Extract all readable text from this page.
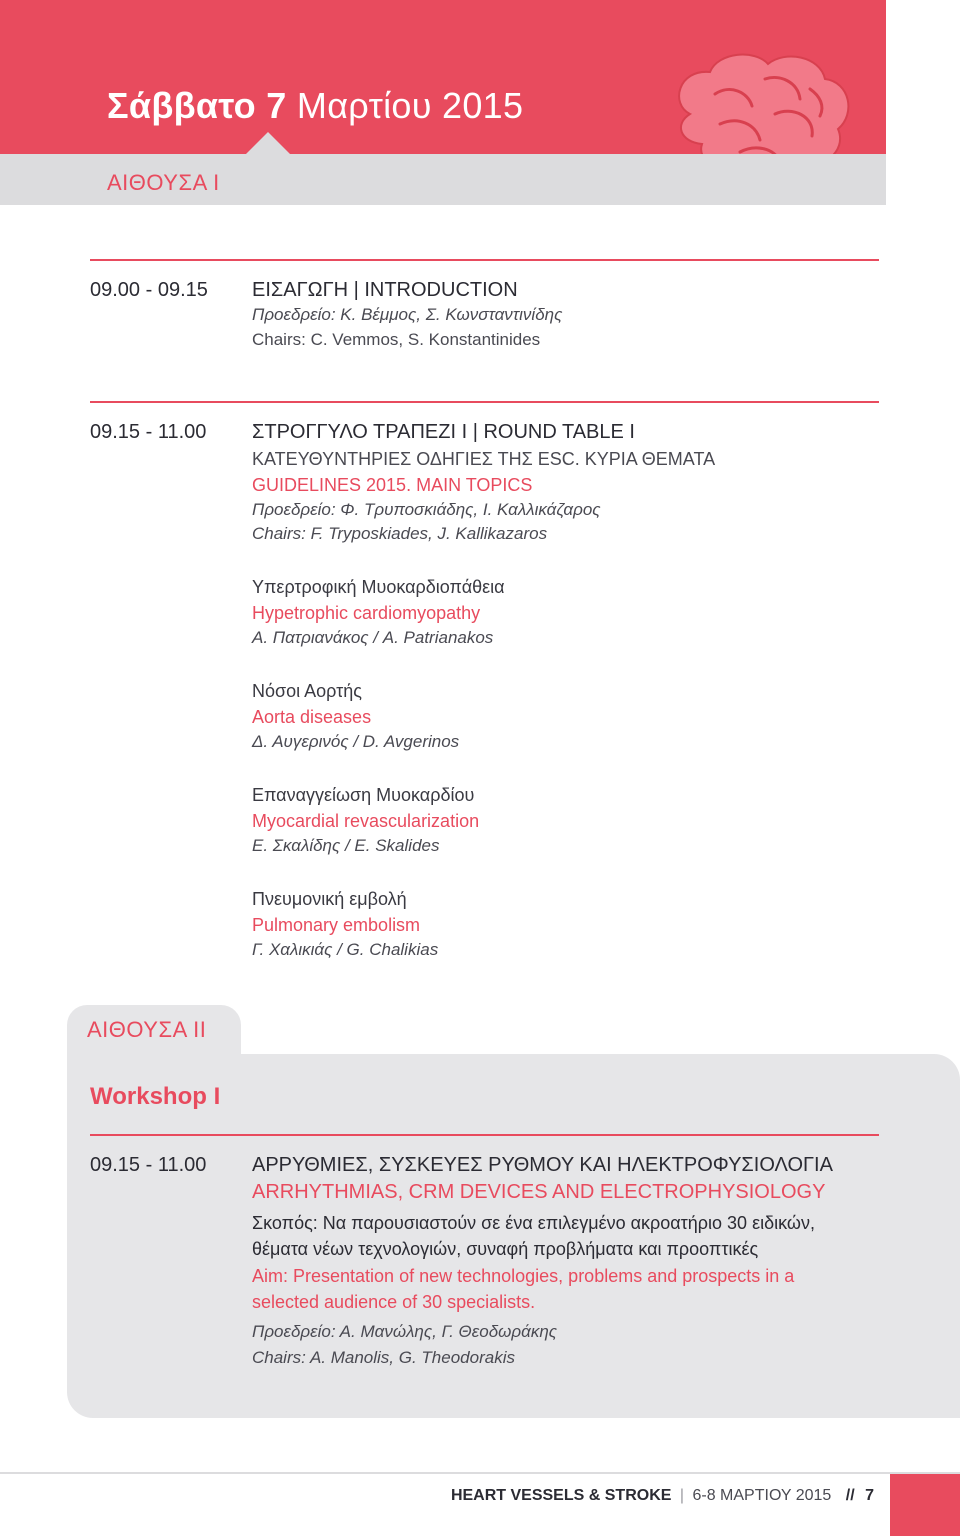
Σάββατο 7 Μαρτίου 2015
ΑΙΘΟΥΣΑ Ι
09.00 - 09.15 ΕΙΣΑΓΩΓΗ | INTRODUCTION
Προεδρείο: Κ. Βέμμος, Σ. Κωνσταντινίδης
Chairs: C. Vemmos, S. Konstantinides
09.15 - 11.00 ΣΤΡΟΓΓΥΛΟ ΤΡΑΠΕΖΙ Ι | ROUND TABLE I
ΚΑΤΕΥΘΥΝΤΗΡΙΕΣ ΟΔΗΓΙΕΣ ΤΗΣ ESC. ΚΥΡΙΑ ΘΕΜΑΤΑ
GUIDELINES 2015. MAIN TOPICS
Προεδρείο: Φ. Τρυποσκιάδης, Ι. Καλλικάζαρος
Chairs: F. Tryposkiades, J. Kallikazaros
Υπερτροφική Μυοκαρδιοπάθεια
Hypetrophic cardiomyopathy
Α. Πατριανάκος / A. Patrianakos
Νόσοι Αορτής
Aorta diseases
Δ. Αυγερινός / D. Avgerinos
Επαναγγείωση Μυοκαρδίου
Myocardial revascularization
Ε. Σκαλίδης / E. Skalides
Πνευμονική εμβολή
Pulmonary embolism
Γ. Χαλικιάς / G. Chalikias
ΑΙΘΟΥΣΑ ΙΙ
Workshop I
09.15 - 11.00 ΑΡΡΥΘΜΙΕΣ, ΣΥΣΚΕΥΕΣ ΡΥΘΜΟΥ ΚΑΙ ΗΛΕΚΤΡΟΦΥΣΙΟΛΟΓΙΑ
ARRHYTHMIAS, CRM DEVICES AND ELECTROPHYSIOLOGY
Σκοπός: Να παρουσιαστούν σε ένα επιλεγμένο ακροατήριο 30 ειδικών,
θέματα νέων τεχνολογιών, συναφή προβλήματα και προοπτικές
Aim: Presentation of new technologies, problems and prospects in a
selected audience of 30 specialists.
Προεδρείο: Α. Μανώλης, Γ. Θεοδωράκης
Chairs: A. Manolis, G. Theodorakis
HEART VESSELS & STROKE | 6-8 ΜΑΡΤΙΟΥ 2015 // 7
